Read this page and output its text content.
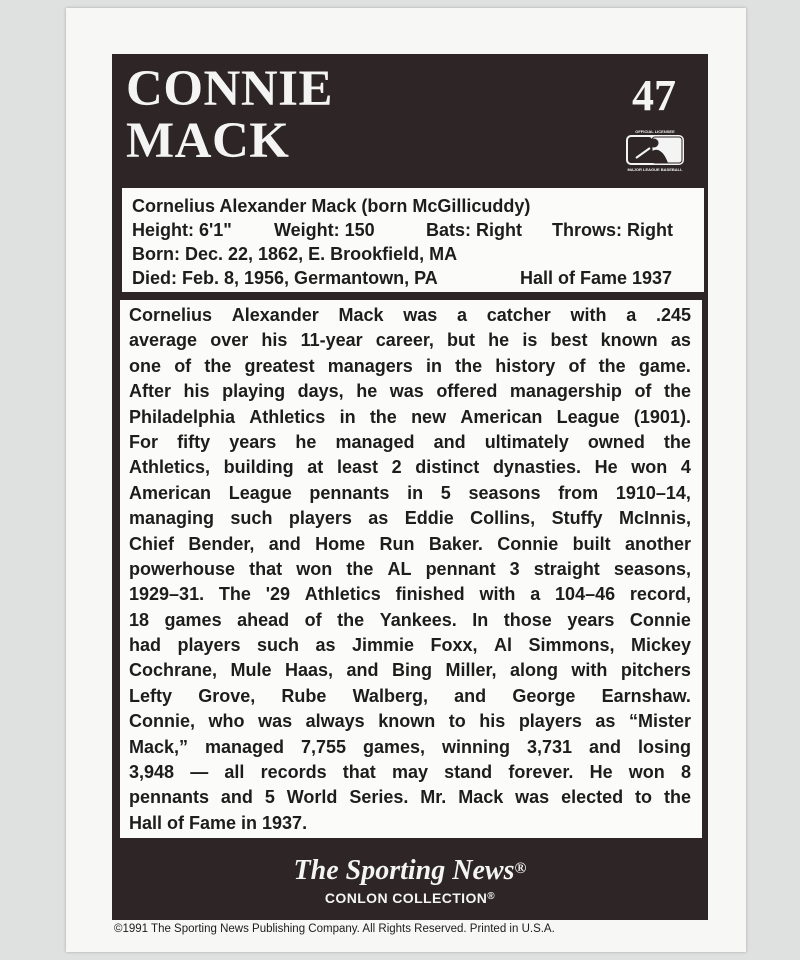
CONNIE
MACK
47
OFFICIAL LICENSEE
MAJOR LEAGUE BASEBALL
Cornelius Alexander Mack (born McGillicuddy)
Height: 6'1" Weight: 150	Bats: Right Throws: Right
Born: Dec. 22, 1862, E. Brookfield, MA
Died: Feb. 8, 1956, Germantown, PA	Hall of Fame 1937
Cornelius Alexander Mack was a catcher with a .245
average over his 11-year career, but he is best known as
one of the greatest managers in the history of the game.
After his playing days, he was offered managership of the
Philadelphia Athletics in the new American League (1901).
For fifty years he managed and ultimately owned the
Athletics, building at least 2 distinct dynasties. He won 4
American League pennants in 5 seasons from 1910–14,
managing such players as Eddie Collins, Stuffy McInnis,
Chief Bender, and Home Run Baker. Connie built another
powerhouse that won the AL pennant 3 straight seasons,
1929–31. The '29 Athletics finished with a 104–46 record,
18 games ahead of the Yankees. In those years Connie
had players such as Jimmie Foxx, Al Simmons, Mickey
Cochrane, Mule Haas, and Bing Miller, along with pitchers
Lefty Grove, Rube Walberg, and George Earnshaw.
Connie, who was always known to his players as “Mister
Mack,” managed 7,755 games, winning 3,731 and losing
3,948 — all records that may stand forever. He won 8
pennants and 5 World Series. Mr. Mack was elected to the
Hall of Fame in 1937.
The Sporting News®
CONLON COLLECTION®
©1991 The Sporting News Publishing Company. All Rights Reserved. Printed in U.S.A.
